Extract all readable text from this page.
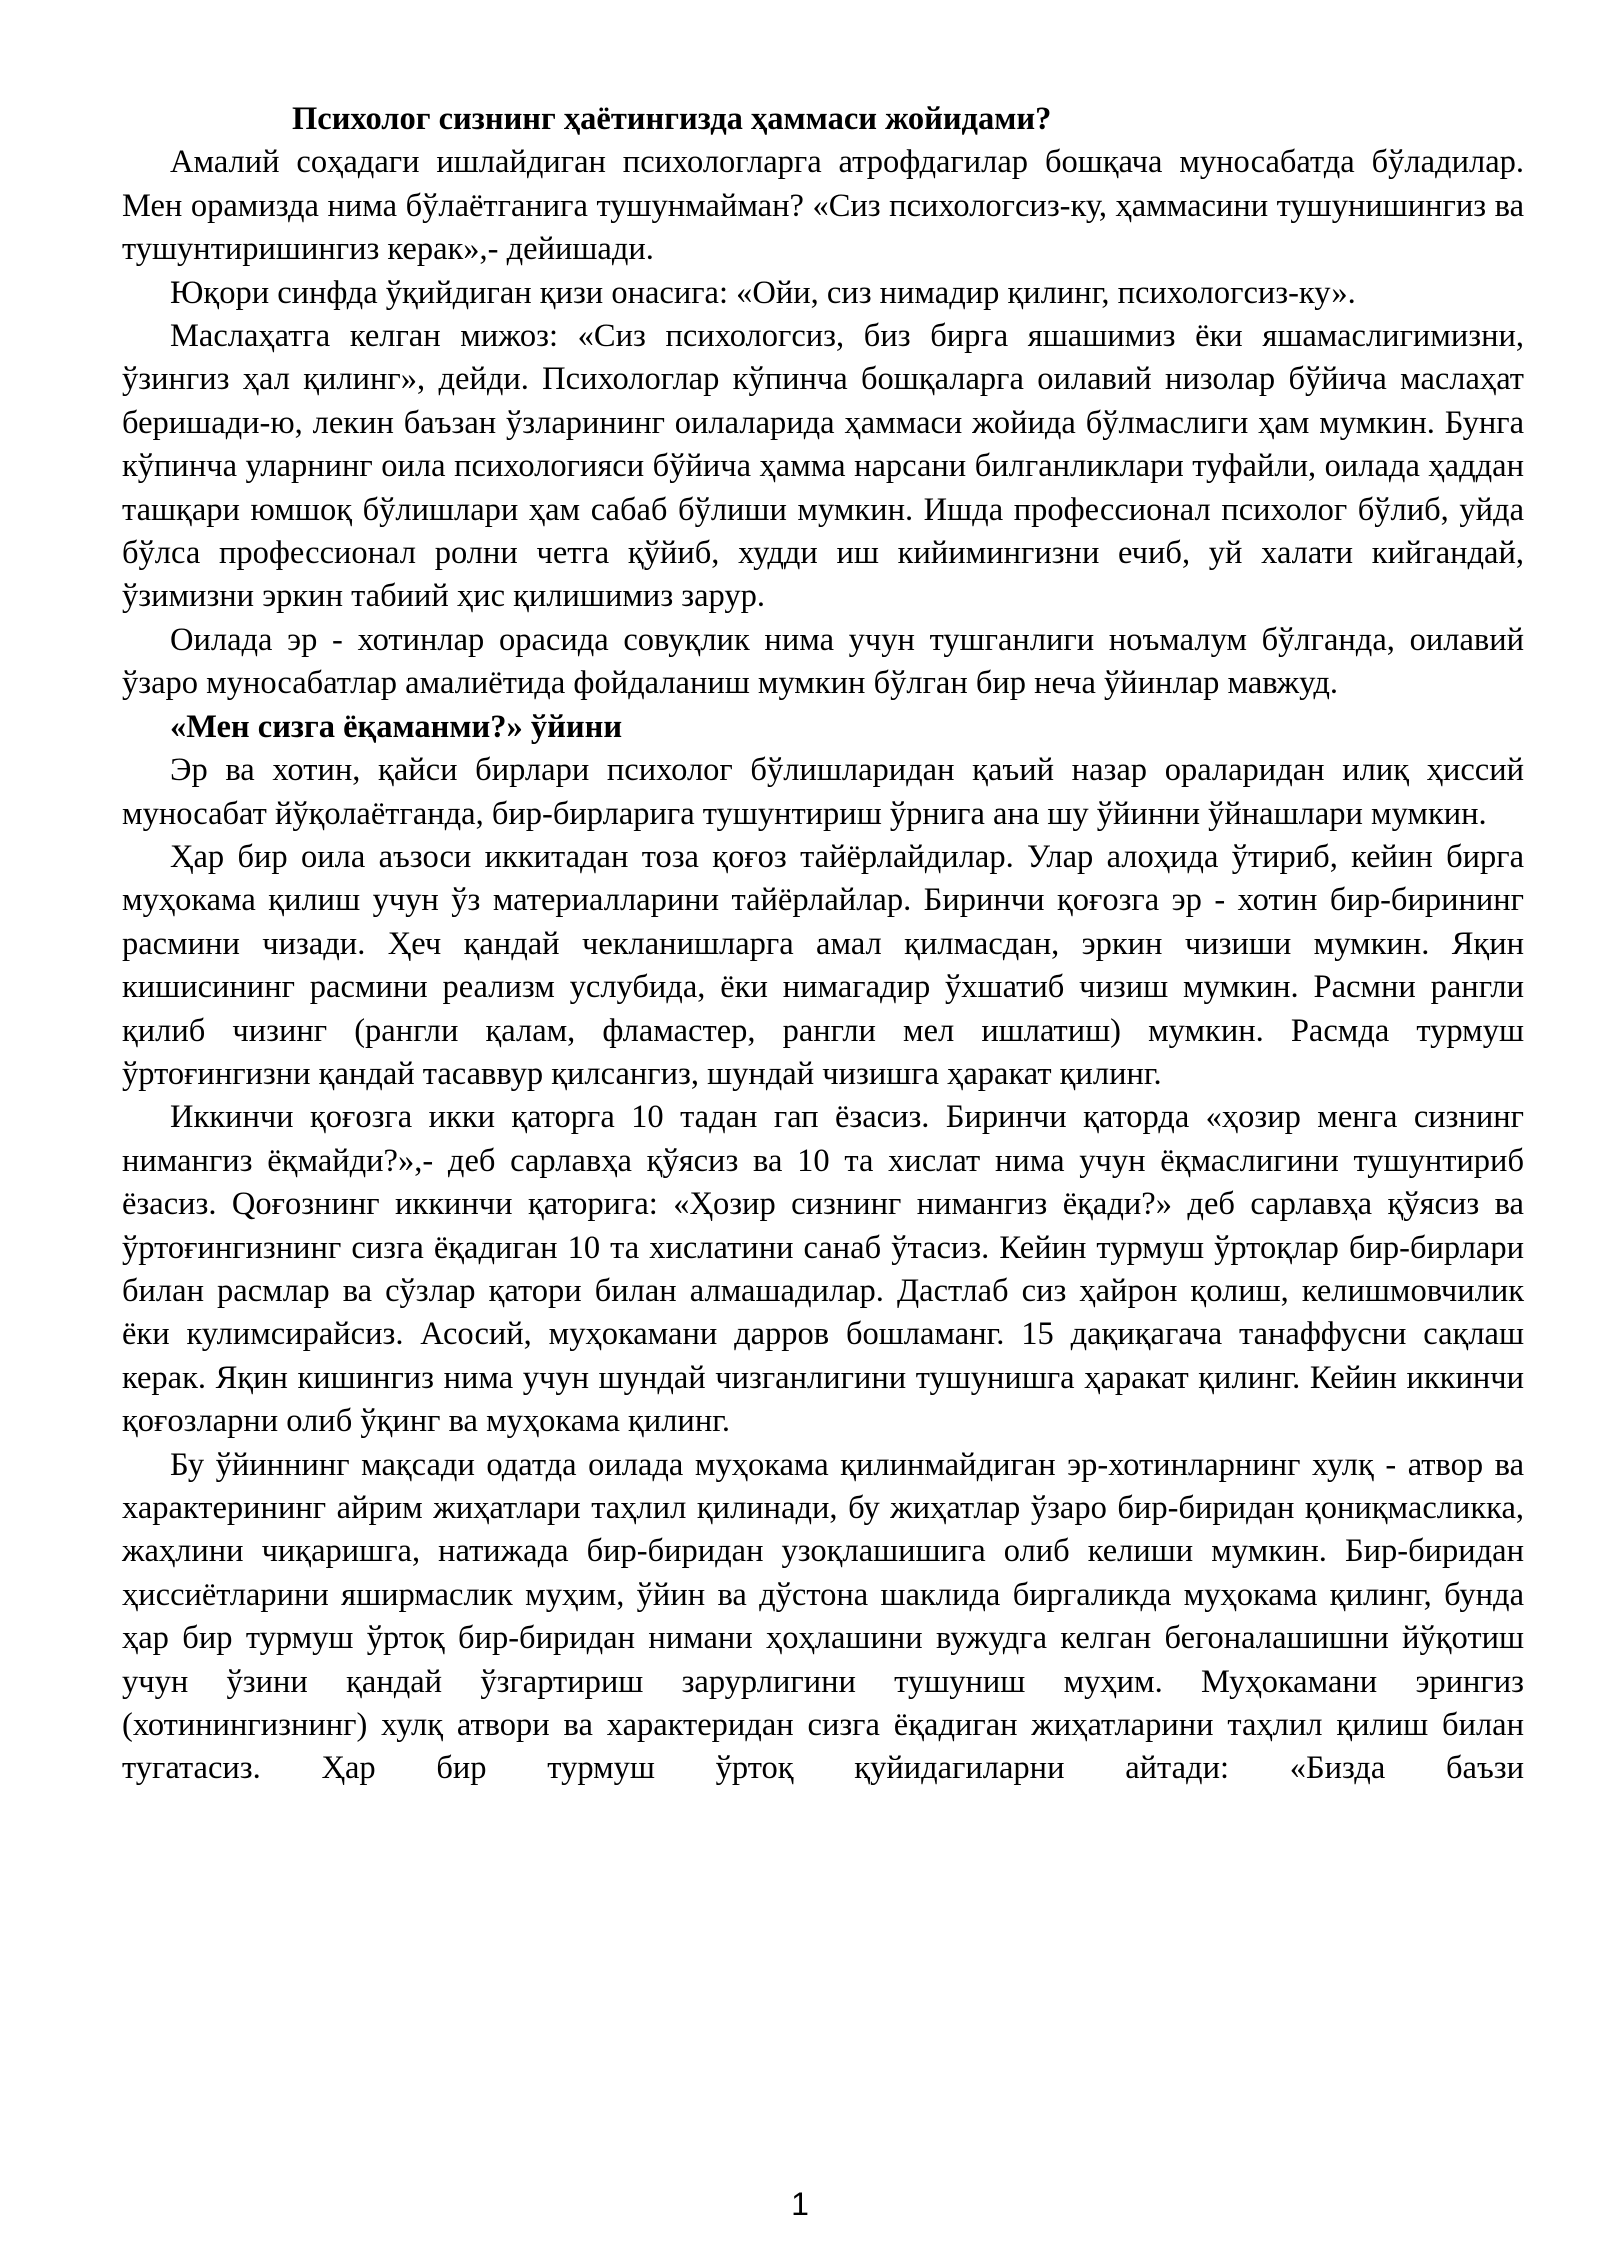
Психолог сизнинг ҳаётингизда ҳаммаси жойидами?

Амалий соҳадаги ишлайдиган психологларга атрофдагилар бошқача муносабатда бўладилар. Мен орамизда нима бўлаётганига тушунмайман? «Сиз психологсиз-ку, ҳаммасини тушунишингиз ва тушунтиришингиз керак»,- дейишади.

Юқори синфда ўқийдиган қизи онасига: «Ойи, сиз нимадир қилинг, психологсиз-ку».

Маслаҳатга келган мижоз: «Сиз психологсиз, биз бирга яшашимиз ёки яшамаслигимизни, ўзингиз ҳал қилинг», дейди. Психологлар кўпинча бошқаларга оилавий низолар бўйича маслаҳат беришади-ю, лекин баъзан ўзларининг оилаларида ҳаммаси жойида бўлмаслиги ҳам мумкин. Бунга кўпинча уларнинг оила психологияси бўйича ҳамма нарсани билганликлари туфайли, оилада ҳаддан ташқари юмшоқ бўлишлари ҳам сабаб бўлиши мумкин. Ишда профессионал психолог бўлиб, уйда бўлса профессионал ролни четга қўйиб, худди иш кийимингизни ечиб, уй халати кийгандай, ўзимизни эркин табиий ҳис қилишимиз зарур.

Оилада эр - хотинлар орасида совуқлик нима учун тушганлиги ноъмалум бўлганда, оилавий ўзаро муносабатлар амалиётида фойдаланиш мумкин бўлган бир неча ўйинлар мавжуд.

«Мен сизга ёқаманми?» ўйини

Эр ва хотин, қайси бирлари психолог бўлишларидан қаъий назар ораларидан илиқ ҳиссий муносабат йўқолаётганда, бир-бирларига тушунтириш ўрнига ана шу ўйинни ўйнашлари мумкин.

Ҳар бир оила аъзоси иккитадан тоза қоғоз тайёрлайдилар. Улар алоҳида ўтириб, кейин бирга муҳокама қилиш учун ўз материалларини тайёрлайлар. Биринчи қоғозга эр - хотин бир-бирининг расмини чизади. Ҳеч қандай чекланишларга амал қилмасдан, эркин чизиши мумкин. Яқин кишисининг расмини реализм услубида, ёки нимагадир ўхшатиб чизиш мумкин. Расмни рангли қилиб чизинг (рангли қалам, фламастер, рангли мел ишлатиш) мумкин. Расмда турмуш ўртоғингизни қандай тасаввур қилсангиз, шундай чизишга ҳаракат қилинг.

Иккинчи қоғозга икки қаторга 10 тадан гап ёзасиз. Биринчи қаторда «ҳозир менга сизнинг нимангиз ёқмайди?»,- деб сарлавҳа қўясиз ва 10 та хислат нима учун ёқмаслигини тушунтириб ёзасиз. Qоғознинг иккинчи қаторига: «Ҳозир сизнинг нимангиз ёқади?» деб сарлавҳа қўясиз ва ўртоғингизнинг сизга ёқадиган 10 та хислатини санаб ўтасиз. Кейин турмуш ўртоқлар бир-бирлари билан расмлар ва сўзлар қатори билан алмашадилар. Дастлаб сиз ҳайрон қолиш, келишмовчилик ёки кулимсирайсиз. Асосий, муҳокамани дарров бошламанг. 15 дақиқагача танаффусни сақлаш керак. Яқин кишингиз нима учун шундай чизганлигини тушунишга ҳаракат қилинг. Кейин иккинчи қоғозларни олиб ўқинг ва муҳокама қилинг.

Бу ўйиннинг мақсади одатда оилада муҳокама қилинмайдиган эр-хотинларнинг хулқ - атвор ва характерининг айрим жиҳатлари таҳлил қилинади, бу жиҳатлар ўзаро бир-биридан қониқмасликка, жаҳлини чиқаришга, натижада бир-биридан узоқлашишига олиб келиши мумкин. Бир-биридан ҳиссиётларини яширмаслик муҳим, ўйин ва дўстона шаклида биргаликда муҳокама қилинг, бунда ҳар бир турмуш ўртоқ бир-биридан нимани ҳоҳлашини вужудга келган бегоналашишни йўқотиш учун ўзини қандай ўзгартириш зарурлигини тушуниш муҳим. Муҳокамани эрингиз (хотинингизнинг) хулқ атвори ва характеридан сизга ёқадиган жиҳатларини таҳлил қилиш билан тугатасиз. Ҳар бир турмуш ўртоқ қуйидагиларни айтади: «Бизда баъзи

1
